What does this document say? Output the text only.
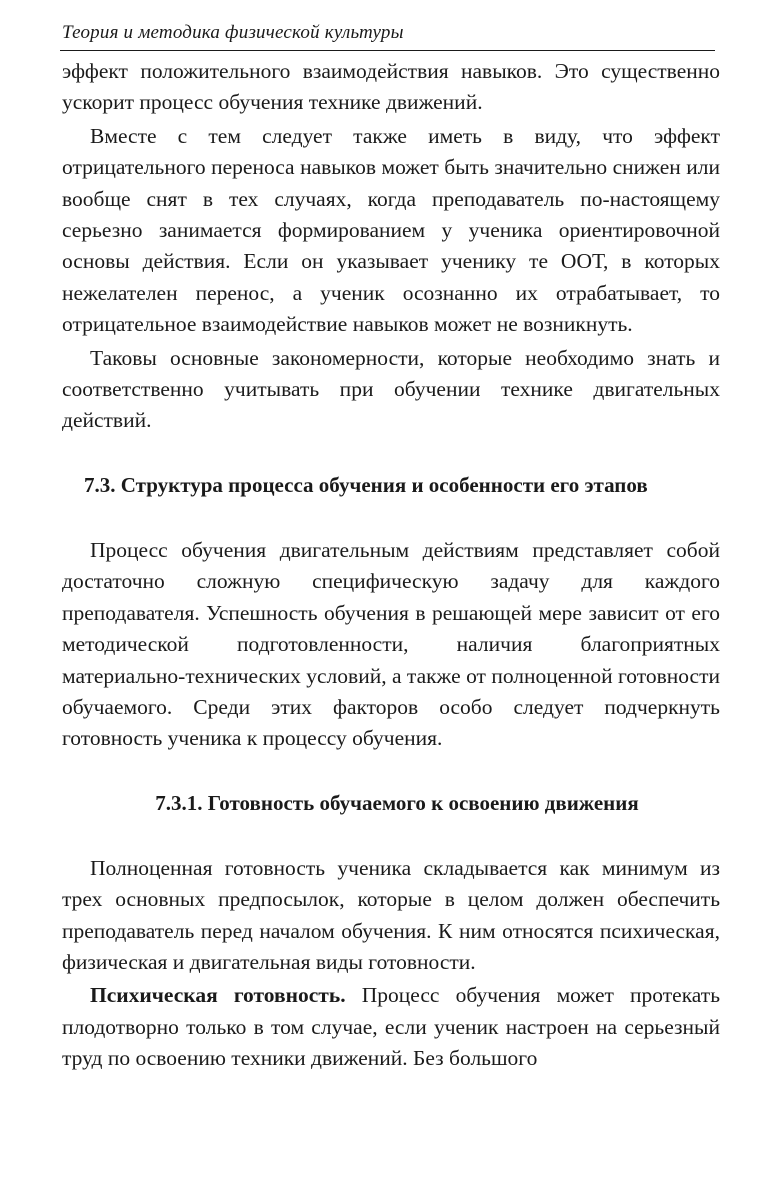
Теория и методика физической культуры

эффект положительного взаимодействия навыков. Это существенно ускорит процесс обучения технике движений.

Вместе с тем следует также иметь в виду, что эффект отрицательного переноса навыков может быть значительно снижен или вообще снят в тех случаях, когда преподаватель по-настоящему серьезно занимается формированием у ученика ориентировочной основы действия. Если он указывает ученику те ООТ, в которых нежелателен перенос, а ученик осознанно их отрабатывает, то отрицательное взаимодействие навыков может не возникнуть.

Таковы основные закономерности, которые необходимо знать и соответственно учитывать при обучении технике двигательных действий.

7.3. Структура процесса обучения и особенности его этапов

Процесс обучения двигательным действиям представляет собой достаточно сложную специфическую задачу для каждого преподавателя. Успешность обучения в решающей мере зависит от его методической подготовленности, наличия благоприятных материально-технических условий, а также от полноценной готовности обучаемого. Среди этих факторов особо следует подчеркнуть готовность ученика к процессу обучения.

7.3.1. Готовность обучаемого к освоению движения

Полноценная готовность ученика складывается как минимум из трех основных предпосылок, которые в целом должен обеспечить преподаватель перед началом обучения. К ним относятся психическая, физическая и двигательная виды готовности.

Психическая готовность. Процесс обучения может протекать плодотворно только в том случае, если ученик настроен на серьезный труд по освоению техники движений. Без большого
